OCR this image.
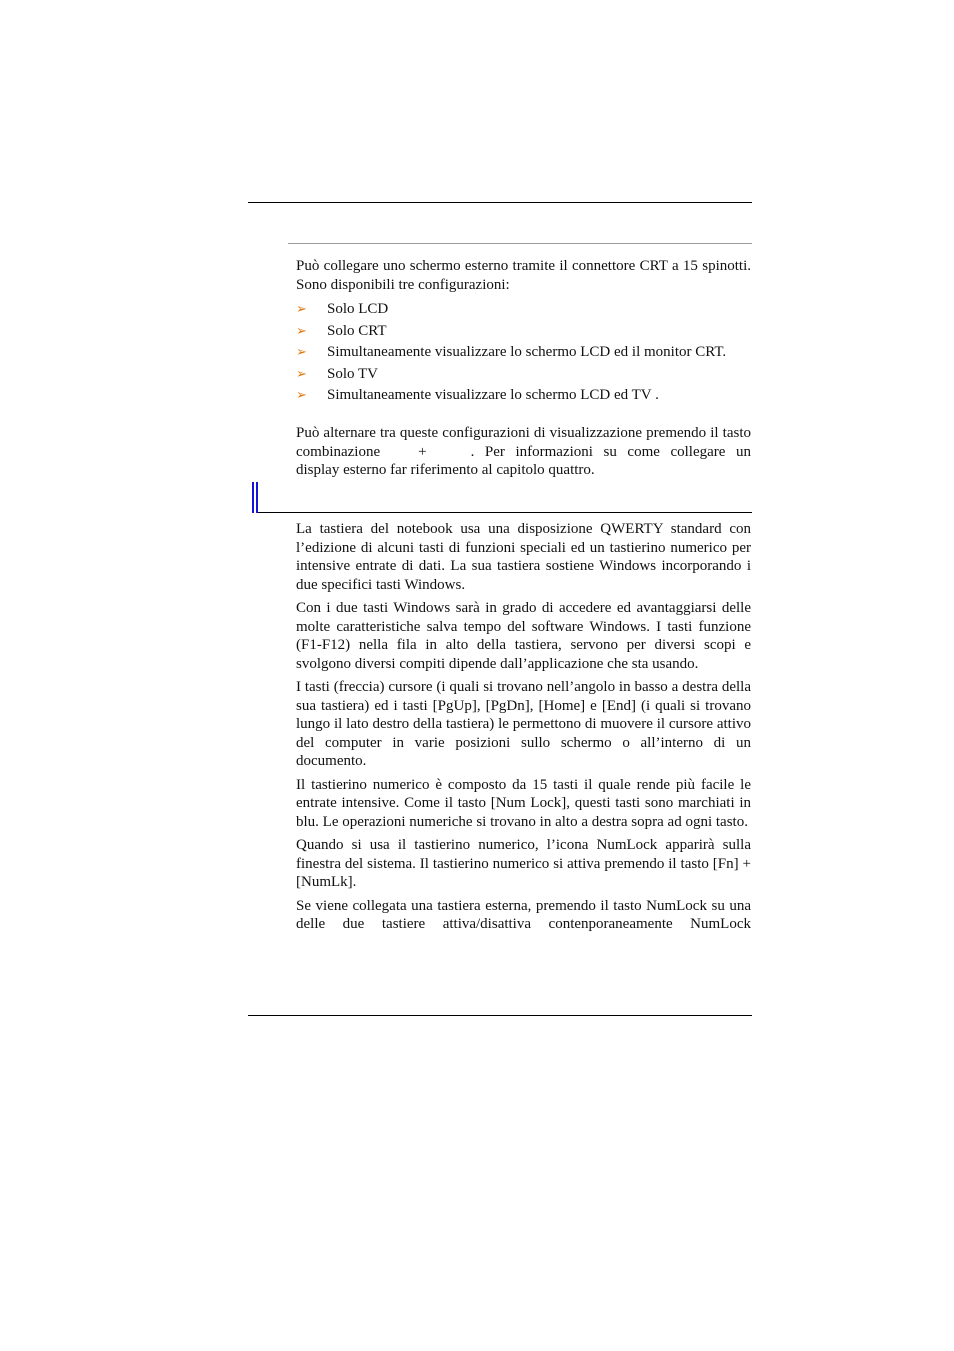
Può collegare uno schermo esterno tramite il connettore CRT a 15 spinotti. Sono disponibili tre configurazioni:
➢ Solo LCD
➢ Solo CRT
➢ Simultaneamente visualizzare lo schermo LCD ed il monitor CRT.
➢ Solo TV
➢ Simultaneamente visualizzare lo schermo LCD ed TV .
Può alternare tra queste configurazioni di visualizzazione premendo il tasto combinazione	+	. Per informazioni su come collegare un display esterno far riferimento al capitolo quattro.

La tastiera del notebook usa una disposizione QWERTY standard con l’edizione di alcuni tasti di funzioni speciali ed un tastierino numerico per intensive entrate di dati. La sua tastiera sostiene Windows incorporando i due specifici tasti Windows.

Con i due tasti Windows sarà in grado di accedere ed avantaggiarsi delle molte caratteristiche salva tempo del software Windows. I tasti funzione (F1-F12) nella fila in alto della tastiera, servono per diversi scopi e svolgono diversi compiti dipende dall’applicazione che sta usando.

I tasti (freccia) cursore (i quali si trovano nell’angolo in basso a destra della sua tastiera) ed i tasti [PgUp], [PgDn], [Home] e [End] (i quali si trovano lungo il lato destro della tastiera) le permettono di muovere il cursore attivo del computer in varie posizioni sullo schermo o all’interno di un documento.

Il tastierino numerico è composto da 15 tasti il quale rende più facile le entrate intensive. Come il tasto [Num Lock], questi tasti sono marchiati in blu. Le operazioni numeriche si trovano in alto a destra sopra ad ogni tasto.

Quando si usa il tastierino numerico, l’icona NumLock apparirà sulla finestra del sistema. Il tastierino numerico si attiva premendo il tasto [Fn] + [NumLk].

Se viene collegata una tastiera esterna, premendo il tasto NumLock su una delle due tastiere attiva/disattiva contenporaneamente NumLock
